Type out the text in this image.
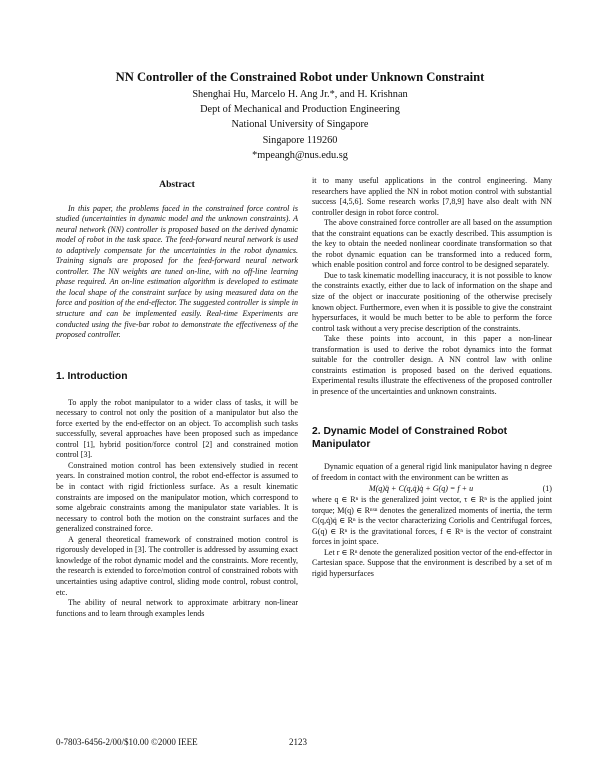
NN Controller of the Constrained Robot under Unknown Constraint
Shenghai Hu, Marcelo H. Ang Jr.*, and H. Krishnan
Dept of Mechanical and Production Engineering
National University of Singapore
Singapore 119260
*mpeangh@nus.edu.sg
Abstract

In this paper, the problems faced in the constrained force control is studied (uncertainties in dynamic model and the unknown constraints). A neural network (NN) controller is proposed based on the derived dynamic model of robot in the task space. The feed-forward neural network is used to adaptively compensate for the uncertainties in the robot dynamics. Training signals are proposed for the feed-forward neural network controller. The NN weights are tuned on-line, with no off-line learning phase required. An on-line estimation algorithm is developed to estimate the local shape of the constraint surface by using measured data on the force and position of the end-effector. The suggested controller is simple in structure and can be implemented easily. Real-time Experiments are conducted using the five-bar robot to demonstrate the effectiveness of the proposed controller.

1. Introduction

To apply the robot manipulator to a wider class of tasks, it will be necessary to control not only the position of a manipulator but also the force exerted by the end-effector on an object. To accomplish such tasks successfully, several approaches have been proposed such as impedance control [1], hybrid position/force control [2] and constrained motion control [3].

Constrained motion control has been extensively studied in recent years. In constrained motion control, the robot end-effector is assumed to be in contact with rigid frictionless surface. As a result kinematic constraints are imposed on the manipulator motion, which correspond to some algebraic constraints among the manipulator state variables. It is necessary to control both the motion on the constraint surfaces and the generalized constrained force.

A general theoretical framework of constrained motion control is rigorously developed in [3]. The controller is addressed by assuming exact knowledge of the robot dynamic model and the constraints. More recently, the research is extended to force/motion control of constrained robots with uncertainties using adaptive control, sliding mode control, robust control, etc.

The ability of neural network to approximate arbitrary non-linear functions and to learn through examples lends

it to many useful applications in the control engineering. Many researchers have applied the NN in robot motion control with substantial success [4,5,6]. Some research works [7,8,9] have also dealt with NN controller design in robot force control.

The above constrained force controller are all based on the assumption that the constraint equations can be exactly described. This assumption is the key to obtain the needed nonlinear coordinate transformation so that the robot dynamic equation can be transformed into a reduced form, which enable position control and force control to be designed separately.

Due to task kinematic modelling inaccuracy, it is not possible to know the constraints exactly, either due to lack of information on the shape and size of the object or inaccurate positioning of the otherwise precisely known object. Furthermore, even when it is possible to give the constraint hypersurfaces, it would be much better to be able to perform the force control task without a very precise description of the constraints.

Take these points into account, in this paper a non-linear transformation is used to derive the robot dynamics into the format suitable for the controller design. A NN control law with online constraints estimation is proposed based on the derived equations. Experimental results illustrate the effectiveness of the proposed controller in presence of the uncertainties and unknown constraints.

2. Dynamic Model of Constrained Robot Manipulator

Dynamic equation of a general rigid link manipulator having n degree of freedom in contact with the environment can be written as

M(q)q̈ + C(q,q̇)q̇ + G(q) = f + u	(1)

where q ∈ Rⁿ is the generalized joint vector, τ ∈ Rⁿ is the applied joint torque; M(q) ∈ Rⁿˣⁿ denotes the generalized moments of inertia, the term C(q,q̇)q̇ ∈ Rⁿ is the vector characterizing Coriolis and Centrifugal forces, G(q) ∈ Rⁿ is the gravitational forces, f ∈ Rⁿ is the vector of constraint forces in joint space.

Let r ∈ Rⁿ denote the generalized position vector of the end-effector in Cartesian space. Suppose that the environment is described by a set of m rigid hypersurfaces

0-7803-6456-2/00/$10.00 ©2000 IEEE	2123
